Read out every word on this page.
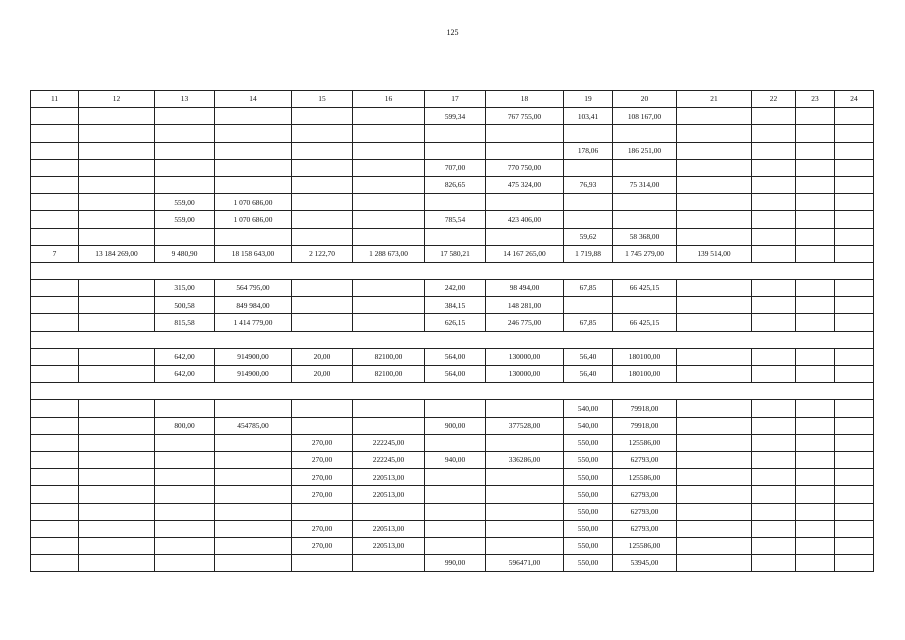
125
11	12	13	14	15	16	17	18	19	20	21	22	23	24
						599,34	767 755,00	103,41	108 167,00				

								178,06	186 251,00				
						707,00	770 750,00						
						826,65	475 324,00	76,93	75 314,00				
		559,00	1 070 686,00										
		559,00	1 070 686,00			785,54	423 406,00						
								59,62	58 368,00				
7	13 184 269,00	9 480,90	18 158 643,00	2 122,70	1 288 673,00	17 580,21	14 167 265,00	1 719,88	1 745 279,00	139 514,00			

		315,00	564 795,00			242,00	98 494,00	67,85	66 425,15				
		500,58	849 984,00			384,15	148 281,00						
		815,58	1 414 779,00			626,15	246 775,00	67,85	66 425,15				

		642,00	914900,00	20,00	82100,00	564,00	130000,00	56,40	180100,00				
		642,00	914900,00	20,00	82100,00	564,00	130000,00	56,40	180100,00				

								540,00	79918,00				
		800,00	454785,00			900,00	377528,00	540,00	79918,00				
				270,00	222245,00			550,00	125586,00				
				270,00	222245,00	940,00	336286,00	550,00	62793,00				
				270,00	220513,00			550,00	125586,00				
				270,00	220513,00			550,00	62793,00				
								550,00	62793,00				
				270,00	220513,00			550,00	62793,00				
				270,00	220513,00			550,00	125586,00				
						990,00	596471,00	550,00	53945,00				
